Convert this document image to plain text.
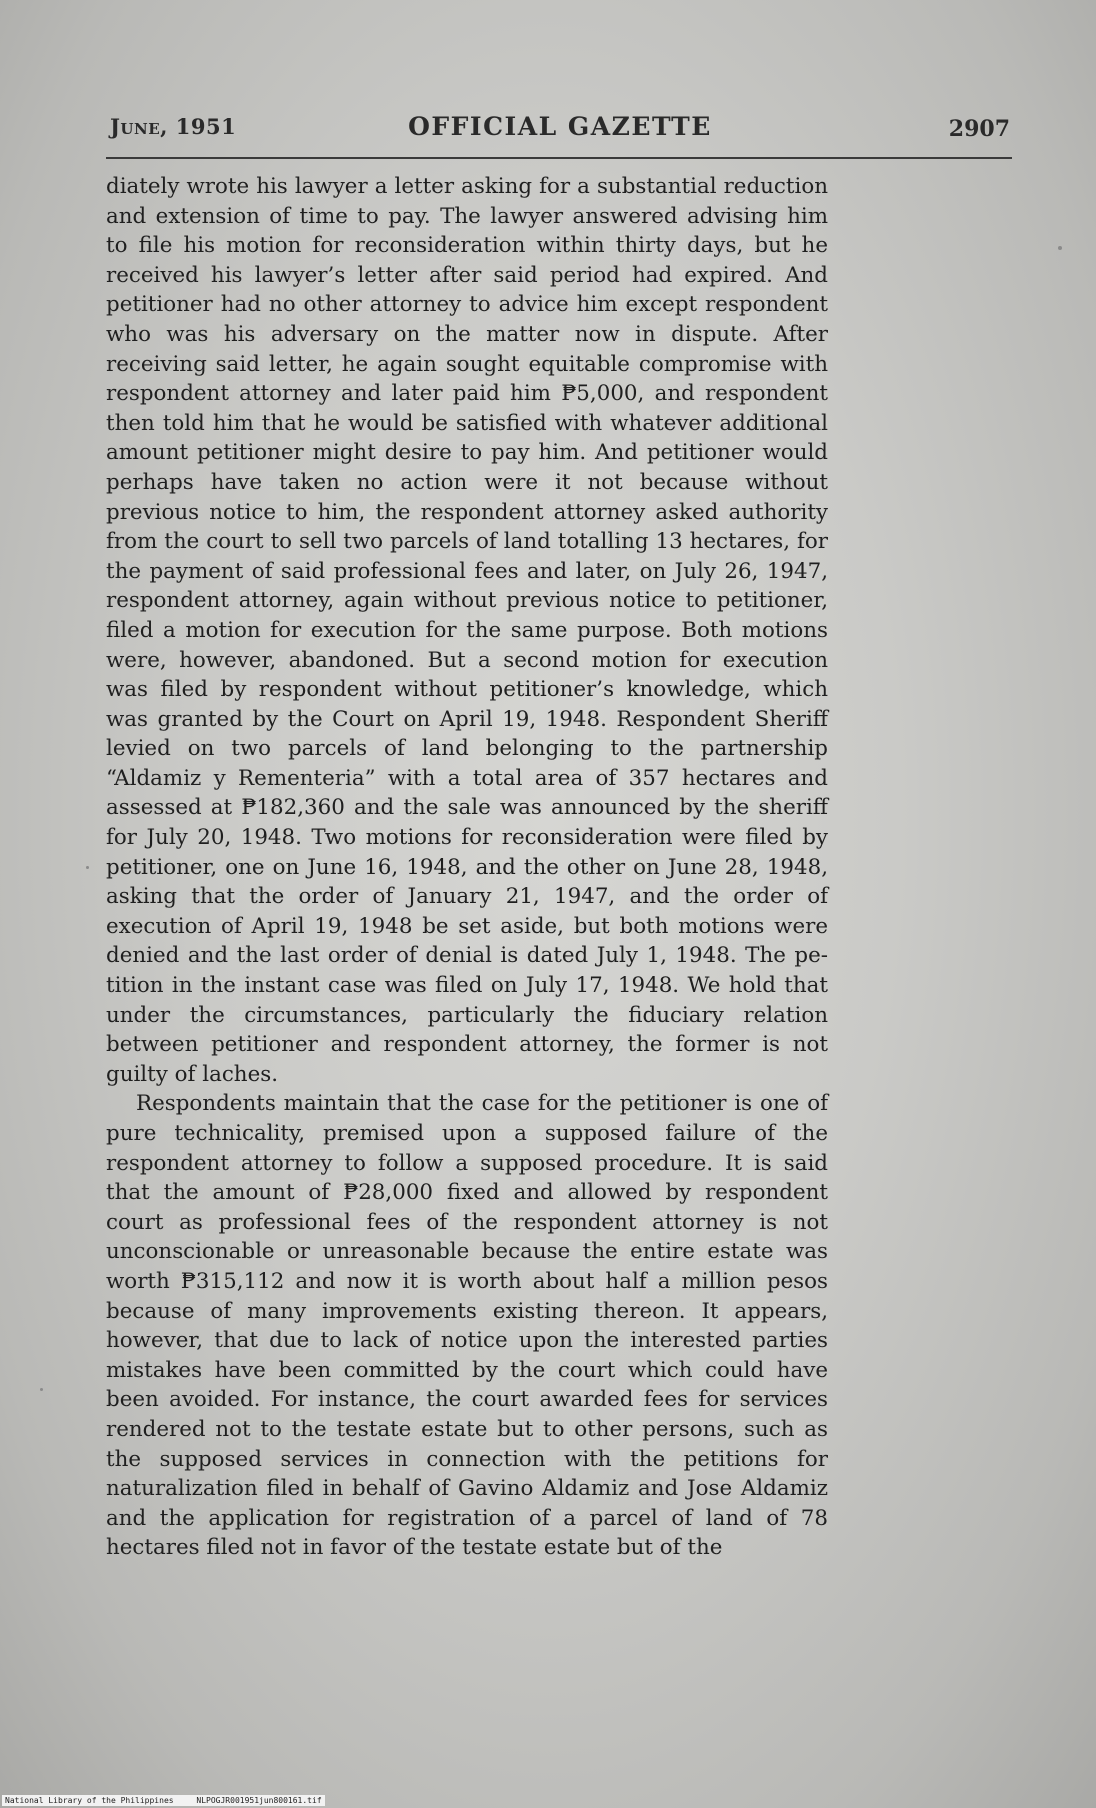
June, 1951	OFFICIAL GAZETTE	2907

diately wrote his lawyer a letter asking for a substantial reduction and extension of time to pay. The lawyer answered advising him to file his motion for reconsideration within thirty days, but he received his lawyer’s letter after said period had expired. And petitioner had no other attorney to advice him except respondent who was his adversary on the matter now in dispute. After receiving said letter, he again sought equitable compromise with respondent attorney and later paid him ₱5,000, and respondent then told him that he would be satisfied with whatever additional amount petitioner might desire to pay him. And petitioner would perhaps have taken no action were it not because without previous notice to him, the respondent attorney asked authority from the court to sell two parcels of land totalling 13 hectares, for the payment of said professional fees and later, on July 26, 1947, respondent attorney, again without previous notice to petitioner, filed a motion for execution for the same purpose. Both motions were, however, abandoned. But a second motion for execution was filed by respondent without petitioner’s knowledge, which was granted by the Court on April 19, 1948. Respondent Sheriff levied on two parcels of land belonging to the partnership “Aldamiz y Rementeria” with a total area of 357 hectares and assessed at ₱182,360 and the sale was announced by the sheriff for July 20, 1948. Two motions for reconsideration were filed by petitioner, one on June 16, 1948, and the other on June 28, 1948, asking that the order of January 21, 1947, and the order of execution of April 19, 1948 be set aside, but both motions were denied and the last order of denial is dated July 1, 1948. The petition in the instant case was filed on July 17, 1948. We hold that under the circumstances, particularly the fiduciary relation between petitioner and respondent attorney, the former is not guilty of laches.

Respondents maintain that the case for the petitioner is one of pure technicality, premised upon a supposed failure of the respondent attorney to follow a supposed procedure. It is said that the amount of ₱28,000 fixed and allowed by respondent court as professional fees of the respondent attorney is not unconscionable or unreasonable because the entire estate was worth ₱315,112 and now it is worth about half a million pesos because of many improvements existing thereon. It appears, however, that due to lack of notice upon the interested parties mistakes have been committed by the court which could have been avoided. For instance, the court awarded fees for services rendered not to the testate estate but to other persons, such as the supposed services in connection with the petitions for naturalization filed in behalf of Gavino Aldamiz and Jose Aldamiz and the application for registration of a parcel of land of 78 hectares filed not in favor of the testate estate but of the

National Library of the Philippines	NLPOGJR001951jun800161.tif
